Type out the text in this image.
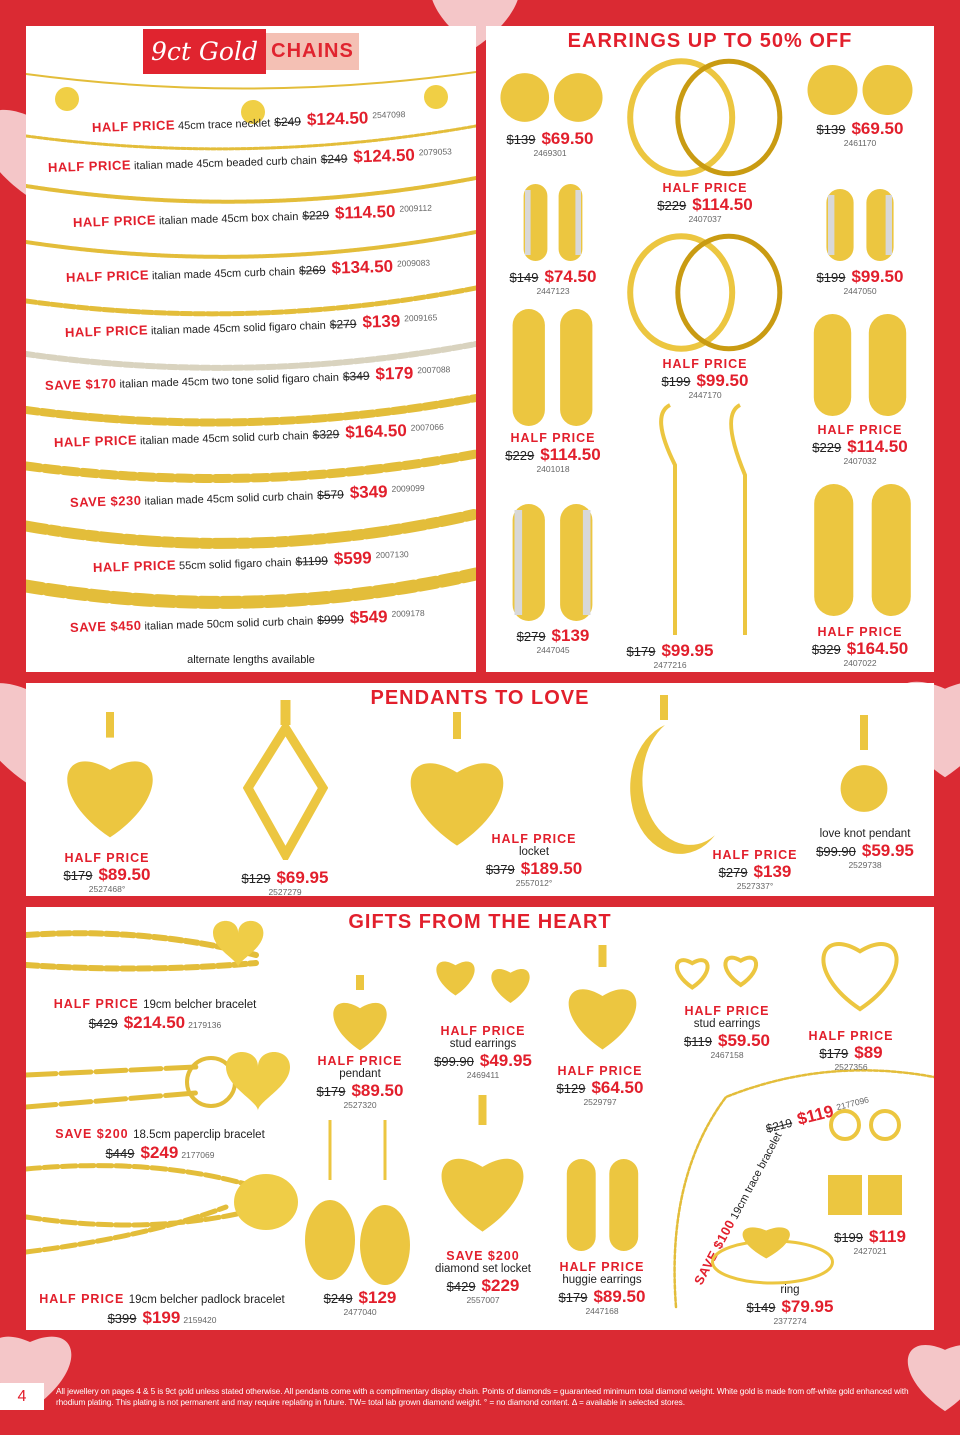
9ct Gold CHAINS
HALF PRICE 45cm trace necklet $249 $124.50 $^{2547098}$
HALF PRICE italian made 45cm beaded curb chain $249 $124.50 $^{2079053}$
HALF PRICE italian made 45cm box chain $229 $114.50 $^{2009112}$
HALF PRICE italian made 45cm curb chain $269 $134.50 $^{2009083}$
HALF PRICE italian made 45cm solid figaro chain $279 $139 $^{2009165}$
SAVE $170 italian made 45cm two tone solid figaro chain $349 $179 $^{2007088}$
HALF PRICE italian made 45cm solid curb chain $329 $164.50 $^{2007066}$
SAVE $230 italian made 45cm solid curb chain $579 $349 $^{2009099}$
HALF PRICE 55cm solid figaro chain $1199 $599 $^{2007130}$
SAVE $450 italian made 50cm solid curb chain $999 $549 $^{2009178}$
alternate lengths available
EARRINGS UP TO 50% OFF
PENDANTS TO LOVE
GIFTS FROM THE HEART
$139 $69.50
2469301
HALF PRICE
$229 $114.50
2407037
$139 $69.50
2461170
$149 $74.50
2447123
HALF PRICE
$199 $99.50
2447170
$199 $99.50
2447050
HALF PRICE
$229 $114.50
2401018
HALF PRICE
$229 $114.50
2407032
$279 $139
2447045	$179 $99.95
2477216
HALF PRICE
$329 $164.50
2407022
HALF PRICE
$179 $89.50
2527468°
$129 $69.95
2527279
HALF PRICE
locket
$379 $189.50
2557012°
HALF PRICE
$279 $139
2527337°
love knot pendant
$99.90 $59.95
2529738
HALF PRICE 19cm belcher bracelet
$429 $214.50 2179136
SAVE $200 18.5cm paperclip bracelet
$449 $249 2177069
HALF PRICE 19cm belcher padlock bracelet
$399 $199 2159420
HALF PRICE
pendant
$179 $89.50
2527320
HALF PRICE
stud earrings
$99.90 $49.95
2469411	HALF PRICE
$129 $64.50
2529797
HALF PRICE
stud earrings
$119 $59.50
2467158
HALF PRICE
$179 $89
2527356
$249 $129
2477040
SAVE $200
diamond set locket
$429 $229
2557007
HALF PRICE
huggie earrings
$179 $89.50
2447168
SAVE $10019cm trace bracelet
$\$219\$119^{2177096}$
$199 $119
2427021
ring
$149 $79.95
2377274
4	All jewellery on pages 4 & 5 is 9ct gold unless stated otherwise. All pendants come with a complimentary display chain. Points of diamonds = guaranteed minimum total diamond weight. White gold is made from off-white gold enhanced with rhodium plating. This plating is not permanent and may require replating in future. TW= total lab grown diamond weight. ° = no diamond content. Δ = available in selected stores.
